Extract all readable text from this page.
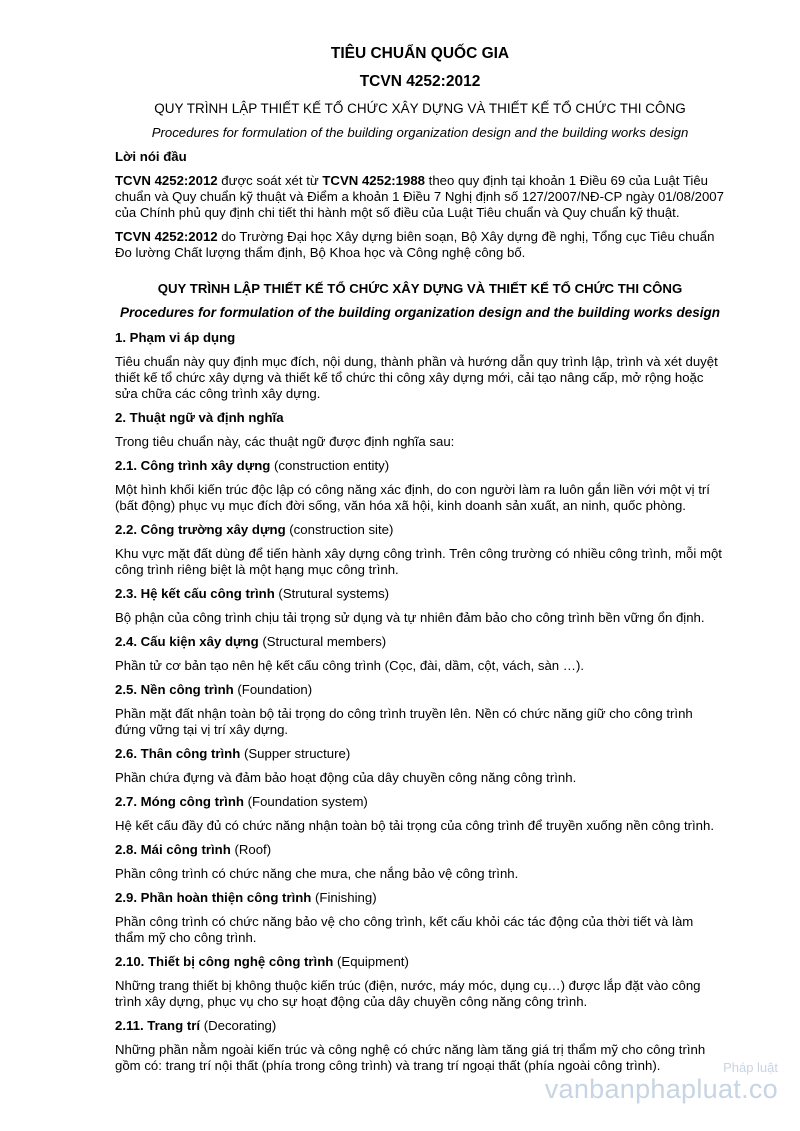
TIÊU CHUẨN QUỐC GIA
TCVN 4252:2012
QUY TRÌNH LẬP THIẾT KẾ TỔ CHỨC XÂY DỰNG VÀ THIẾT KẾ TỔ CHỨC THI CÔNG
Procedures for formulation of the building organization design and the building works design
Lời nói đầu

TCVN 4252:2012 được soát xét từ TCVN 4252:1988 theo quy định tại khoản 1 Điều 69 của Luật Tiêu chuẩn và Quy chuẩn kỹ thuật và Điểm a khoản 1 Điều 7 Nghị định số 127/2007/NĐ-CP ngày 01/08/2007 của Chính phủ quy định chi tiết thi hành một số điều của Luật Tiêu chuẩn và Quy chuẩn kỹ thuật.

TCVN 4252:2012 do Trường Đại học Xây dựng biên soạn, Bộ Xây dựng đề nghị, Tổng cục Tiêu chuẩn Đo lường Chất lượng thẩm định, Bộ Khoa học và Công nghệ công bố.

QUY TRÌNH LẬP THIẾT KẾ TỔ CHỨC XÂY DỰNG VÀ THIẾT KẾ TỔ CHỨC THI CÔNG
Procedures for formulation of the building organization design and the building works design
1. Phạm vi áp dụng

Tiêu chuẩn này quy định mục đích, nội dung, thành phần và hướng dẫn quy trình lập, trình và xét duyệt thiết kế tổ chức xây dựng và thiết kế tổ chức thi công xây dựng mới, cải tạo nâng cấp, mở rộng hoặc sửa chữa các công trình xây dựng.

2. Thuật ngữ và định nghĩa

Trong tiêu chuẩn này, các thuật ngữ được định nghĩa sau:

2.1. Công trình xây dựng (construction entity)

Một hình khối kiến trúc độc lập có công năng xác định, do con người làm ra luôn gắn liền với một vị trí (bất động) phục vụ mục đích đời sống, văn hóa xã hội, kinh doanh sản xuất, an ninh, quốc phòng.

2.2. Công trường xây dựng (construction site)

Khu vực mặt đất dùng để tiến hành xây dựng công trình. Trên công trường có nhiều công trình, mỗi một công trình riêng biệt là một hạng mục công trình.

2.3. Hệ kết cấu công trình (Strutural systems)

Bộ phận của công trình chịu tải trọng sử dụng và tự nhiên đảm bảo cho công trình bền vững ổn định.

2.4. Cấu kiện xây dựng (Structural members)

Phần tử cơ bản tạo nên hệ kết cấu công trình (Cọc, đài, dầm, cột, vách, sàn …).

2.5. Nền công trình (Foundation)

Phần mặt đất nhận toàn bộ tải trọng do công trình truyền lên. Nền có chức năng giữ cho công trình đứng vững tại vị trí xây dựng.

2.6. Thân công trình (Supper structure)

Phần chứa đựng và đảm bảo hoạt động của dây chuyền công năng công trình.

2.7. Móng công trình (Foundation system)

Hệ kết cấu đầy đủ có chức năng nhận toàn bộ tải trọng của công trình để truyền xuống nền công trình.

2.8. Mái công trình (Roof)

Phần công trình có chức năng che mưa, che nắng bảo vệ công trình.

2.9. Phần hoàn thiện công trình (Finishing)

Phần công trình có chức năng bảo vệ cho công trình, kết cấu khỏi các tác động của thời tiết và làm thẩm mỹ cho công trình.

2.10. Thiết bị công nghệ công trình (Equipment)

Những trang thiết bị không thuộc kiến trúc (điện, nước, máy móc, dụng cụ…) được lắp đặt vào công trình xây dựng, phục vụ cho sự hoạt động của dây chuyền công năng công trình.

2.11. Trang trí (Decorating)

Những phần nằm ngoài kiến trúc và công nghệ có chức năng làm tăng giá trị thẩm mỹ cho công trình gồm có: trang trí nội thất (phía trong công trình) và trang trí ngoại thất (phía ngoài công trình).	Pháp luật
vanbanphapluat.co
